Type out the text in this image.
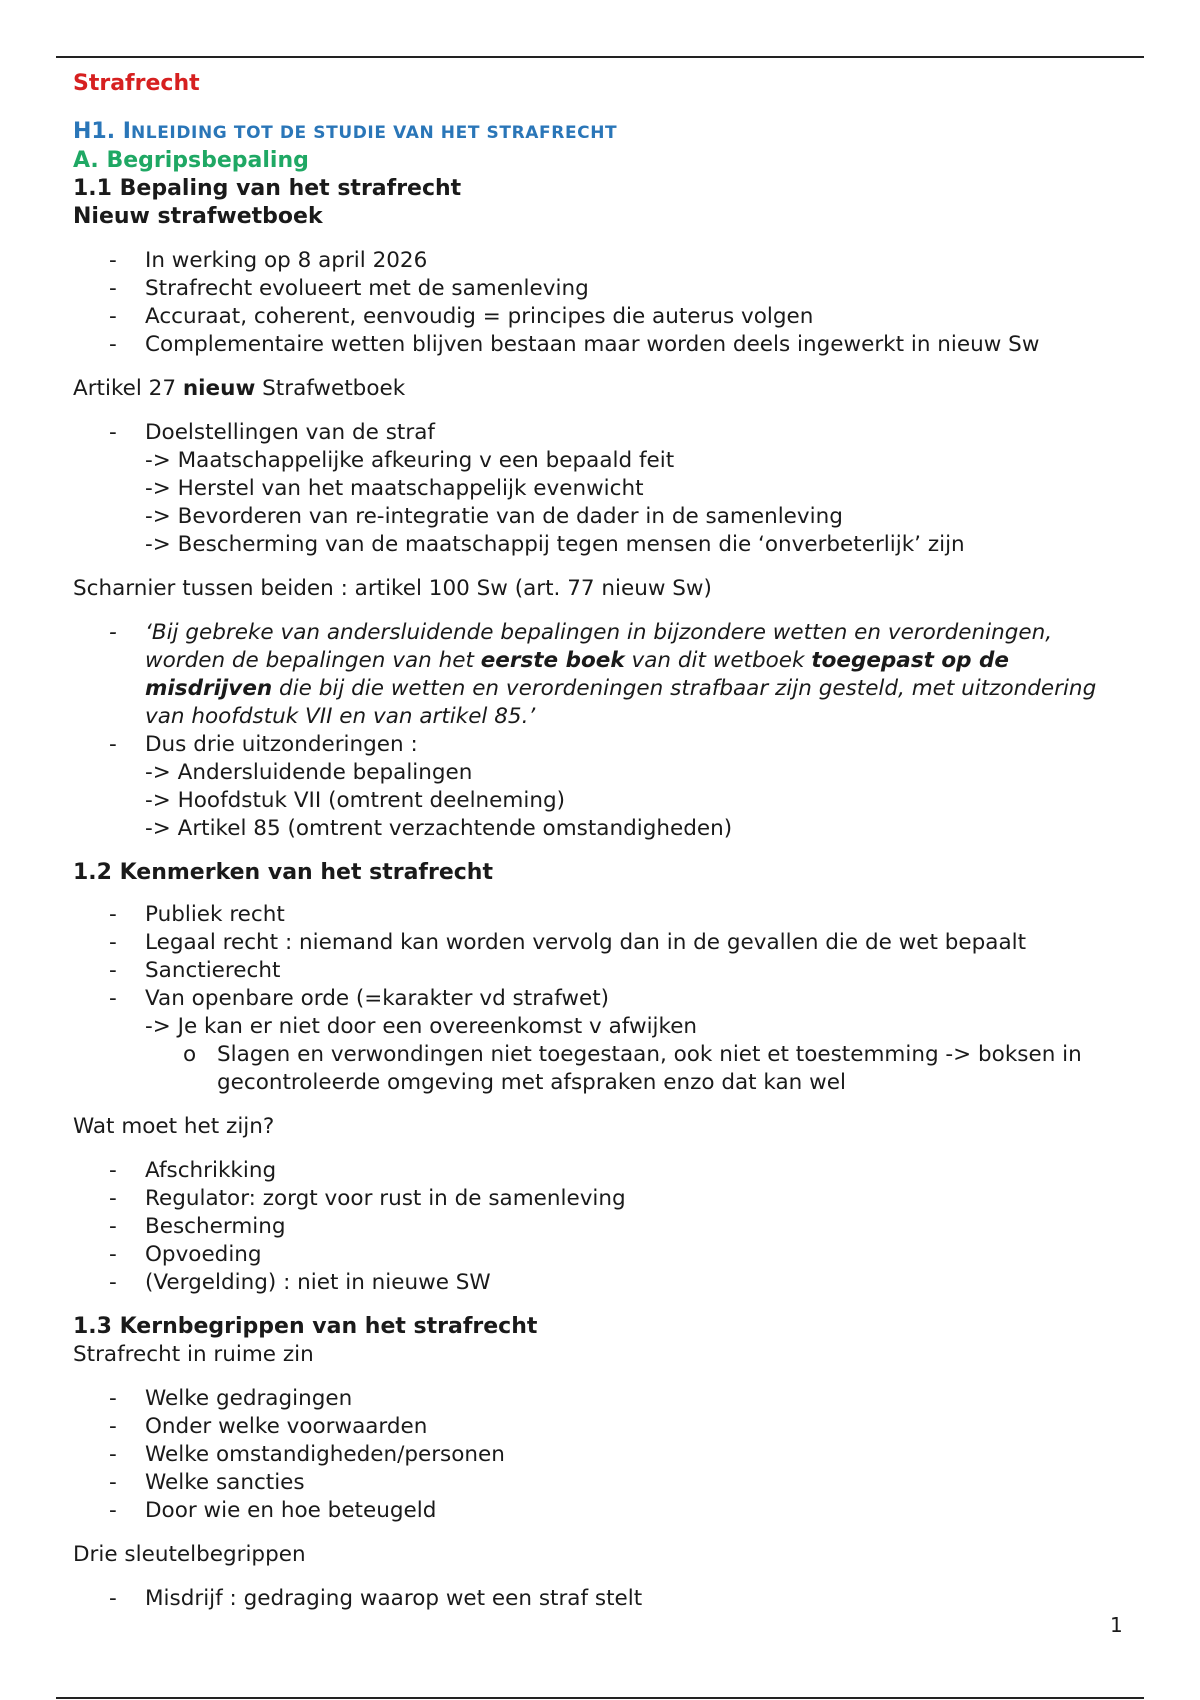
Strafrecht
H1. INLEIDING TOT DE STUDIE VAN HET STRAFRECHT
A. Begripsbepaling
1.1 Bepaling van het strafrecht
Nieuw strafwetboek
- In werking op 8 april 2026
- Strafrecht evolueert met de samenleving
- Accuraat, coherent, eenvoudig = principes die auterus volgen
- Complementaire wetten blijven bestaan maar worden deels ingewerkt in nieuw Sw

Artikel 27 nieuw Strafwetboek

- Doelstellingen van de straf
-> Maatschappelijke afkeuring v een bepaald feit
-> Herstel van het maatschappelijk evenwicht
-> Bevorderen van re-integratie van de dader in de samenleving
-> Bescherming van de maatschappij tegen mensen die ‘onverbeterlijk’ zijn

Scharnier tussen beiden : artikel 100 Sw (art. 77 nieuw Sw)

- ‘Bij gebreke van andersluidende bepalingen in bijzondere wetten en verordeningen, worden de bepalingen van het eerste boek van dit wetboek toegepast op de misdrijven die bij die wetten en verordeningen strafbaar zijn gesteld, met uitzondering van hoofdstuk VII en van artikel 85.’
- Dus drie uitzonderingen :
-> Andersluidende bepalingen
-> Hoofdstuk VII (omtrent deelneming)
-> Artikel 85 (omtrent verzachtende omstandigheden)
1.2 Kenmerken van het strafrecht
- Publiek recht
- Legaal recht : niemand kan worden vervolg dan in de gevallen die de wet bepaalt
- Sanctierecht
- Van openbare orde (=karakter vd strafwet)
-> Je kan er niet door een overeenkomst v afwijken
o Slagen en verwondingen niet toegestaan, ook niet et toestemming -> boksen in gecontroleerde omgeving met afspraken enzo dat kan wel

Wat moet het zijn?

- Afschrikking
- Regulator: zorgt voor rust in de samenleving
- Bescherming
- Opvoeding
- (Vergelding) : niet in nieuwe SW
1.3 Kernbegrippen van het strafrecht

Strafrecht in ruime zin

- Welke gedragingen
- Onder welke voorwaarden
- Welke omstandigheden/personen
- Welke sancties
- Door wie en hoe beteugeld

Drie sleutelbegrippen

- Misdrijf : gedraging waarop wet een straf stelt
1
